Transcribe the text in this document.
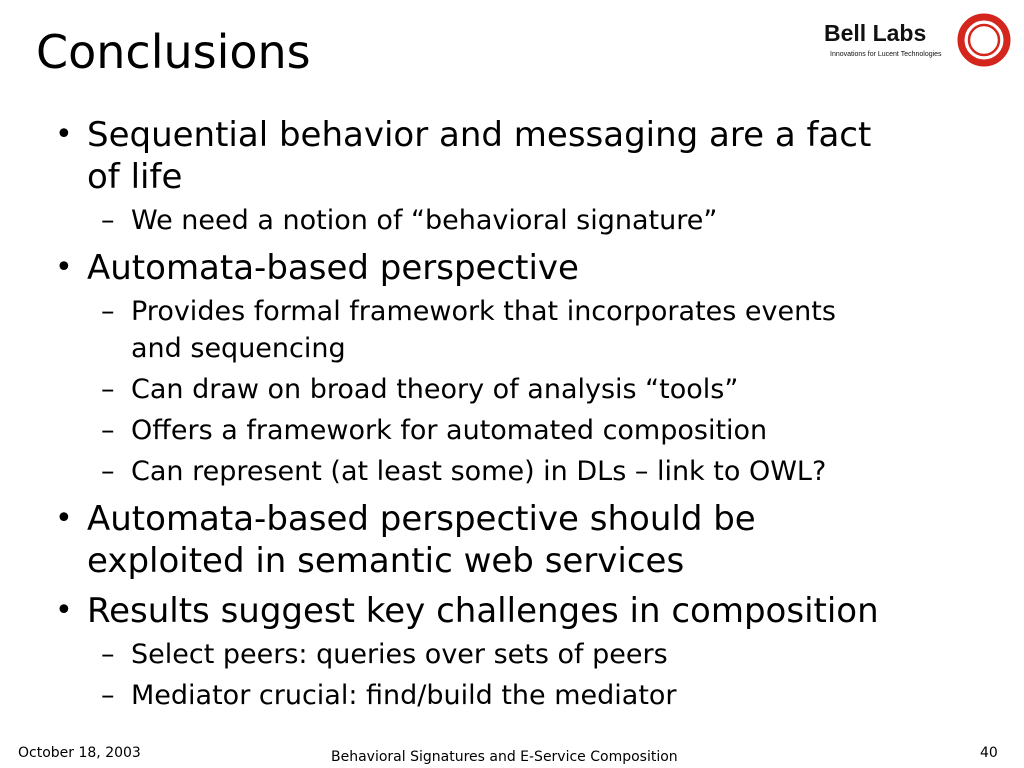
Conclusions	Bell Labs
Innovations for Lucent Technologies
• Sequential behavior and messaging are a fact
of life
– We need a notion of “behavioral signature”
• Automata-based perspective
– Provides formal framework that incorporates events
and sequencing
– Can draw on broad theory of analysis “tools”
– Offers a framework for automated composition
– Can represent (at least some) in DLs – link to OWL?
• Automata-based perspective should be
exploited in semantic web services
• Results suggest key challenges in composition
– Select peers: queries over sets of peers
– Mediator crucial: find/build the mediator
October 18, 2003	Behavioral Signatures and E-Service Composition	40
